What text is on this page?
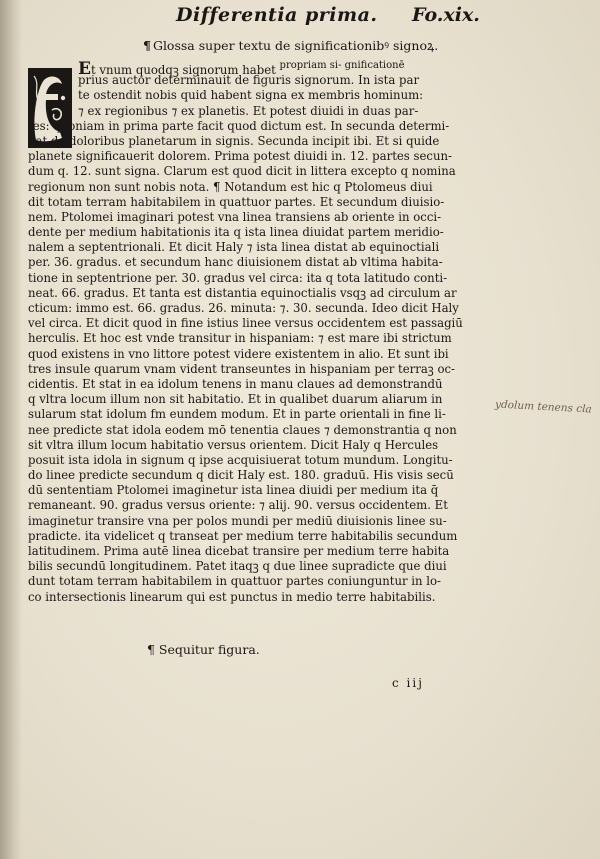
Differentia prima. Fo.xix.
¶ Glossa super textu de significationibꝰ signoꝝ.
Et vnum quodqꝫ signorum habet propriam si- gnificationē
prius auctor determinauit de figuris signorum. In ista par
te ostendit nobis quid habent signa ex membris hominum:
⁊ ex regionibus ⁊ ex planetis. Et potest diuidi in duas par-
tes: quoniam in prima parte facit quod dictum est. In secunda determi-
nat de doloribus planetarum in signis. Secunda incipit ibi. Et si quide
planete significauerit dolorem. Prima potest diuidi in. 12. partes secun-
dum q. 12. sunt signa. Clarum est quod dicit in littera excepto q nomina
regionum non sunt nobis nota. ¶ Notandum est hic q Ptolomeus diui
dit totam terram habitabilem in quattuor partes. Et secundum diuisio-
nem. Ptolomei imaginari potest vna linea transiens ab oriente in occi-
dente per medium habitationis ita q ista linea diuidat partem meridio-
nalem a septentrionali. Et dicit Haly ⁊ ista linea distat ab equinoctiali
per. 36. gradus. et secundum hanc diuisionem distat ab vltima habita-
tione in septentrione per. 30. gradus vel circa: ita q tota latitudo conti-
neat. 66. gradus. Et tanta est distantia equinoctialis vsqꝫ ad circulum ar
cticum: immo est. 66. gradus. 26. minuta: ⁊. 30. secunda. Ideo dicit Haly
vel circa. Et dicit quod in fine istius linee versus occidentem est passagiū
herculis. Et hoc est vnde transitur in hispaniam: ⁊ est mare ibi strictum
quod existens in vno littore potest videre existentem in alio. Et sunt ibi
tres insule quarum vnam vident transeuntes in hispaniam per terraꝫ oc-
cidentis. Et stat in ea idolum tenens in manu claues ad demonstrandū
q vltra locum illum non sit habitatio. Et in qualibet duarum aliarum in
sularum stat idolum fm eundem modum. Et in parte orientali in fine li-
nee predicte stat idola eodem mō tenentia claues ⁊ demonstrantia q non
sit vltra illum locum habitatio versus orientem. Dicit Haly q Hercules
posuit ista idola in signum q ipse acquisiuerat totum mundum. Longitu-
do linee predicte secundum q dicit Haly est. 180. graduū. His visis secū
dū sententiam Ptolomei imaginetur ista linea diuidi per medium ita q̄
remaneant. 90. gradus versus oriente: ⁊ alij. 90. versus occidentem. Et
imaginetur transire vna per polos mundi per mediū diuisionis linee su-
pradicte. ita videlicet q transeat per medium terre habitabilis secundum
latitudinem. Prima autē linea dicebat transire per medium terre habita
bilis secundū longitudinem. Patet itaqꝫ q due linee supradicte que diui
dunt totam terram habitabilem in quattuor partes coniunguntur in lo-
co intersectionis linearum qui est punctus in medio terre habitabilis.
¶ Sequitur figura.
c iij
ydolum tenens cla
